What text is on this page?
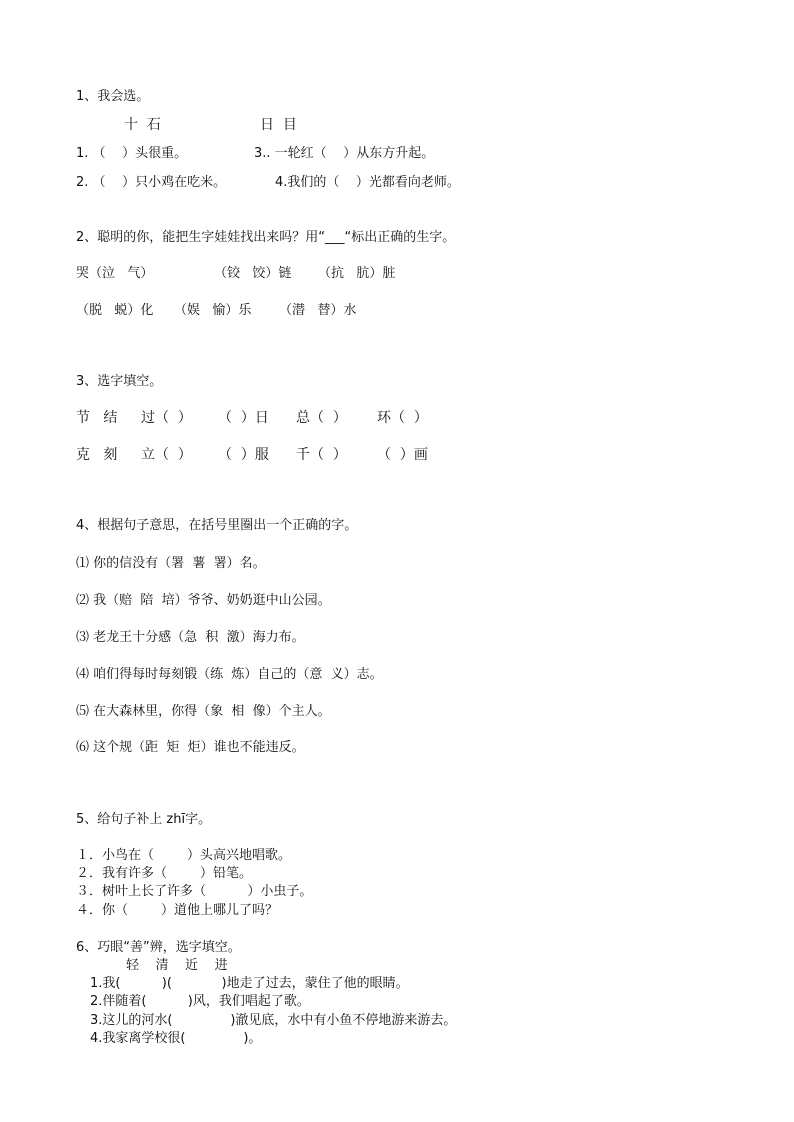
1、我会选。
十  石	日  目
1. （    ）头很重。	3.. 一轮红（    ）从东方升起。
2. （    ）只小鸡在吃米。	4.我们的（    ）光都看向老师。
2、聪明的你，能把生字娃娃找出来吗？用“___“标出正确的生字。
哭（泣   气）	（铰   饺）链 （抗   肮）脏
（脱   蜕）化 （娱   愉）乐 （潜   替）水
3、选字填空。
节   结 过（  ） （  ）日 总（  ） 环（  ）
克   刻 立（  ） （  ）服 千（  ） （  ）画
4、根据句子意思，在括号里圈出一个正确的字。
⑴ 你的信没有（署  薯  署）名。
⑵ 我（赔  陪  培）爷爷、奶奶逛中山公园。
⑶ 老龙王十分感（急  积  激）海力布。
⑷ 咱们得每时每刻锻（练  炼）自己的（意  义）志。
⑸ 在大森林里，你得（象  相  像）个主人。
⑹ 这个规（距  矩  炬）谁也不能违反。
5、给句子补上 zhī字。
１．小鸟在（        ）头高兴地唱歌。
２．我有许多（        ）铅笔。
３．树叶上长了许多（          ）小虫子。
４．你（        ）道他上哪儿了吗？
6、巧眼“善”辨，选字填空。
轻    清    近    进
1.我(          )(            )地走了过去，蒙住了他的眼睛。
2.伴随着(          )风，我们唱起了歌。
3.这儿的河水(              )澈见底，水中有小鱼不停地游来游去。
4.我家离学校很(              )。
